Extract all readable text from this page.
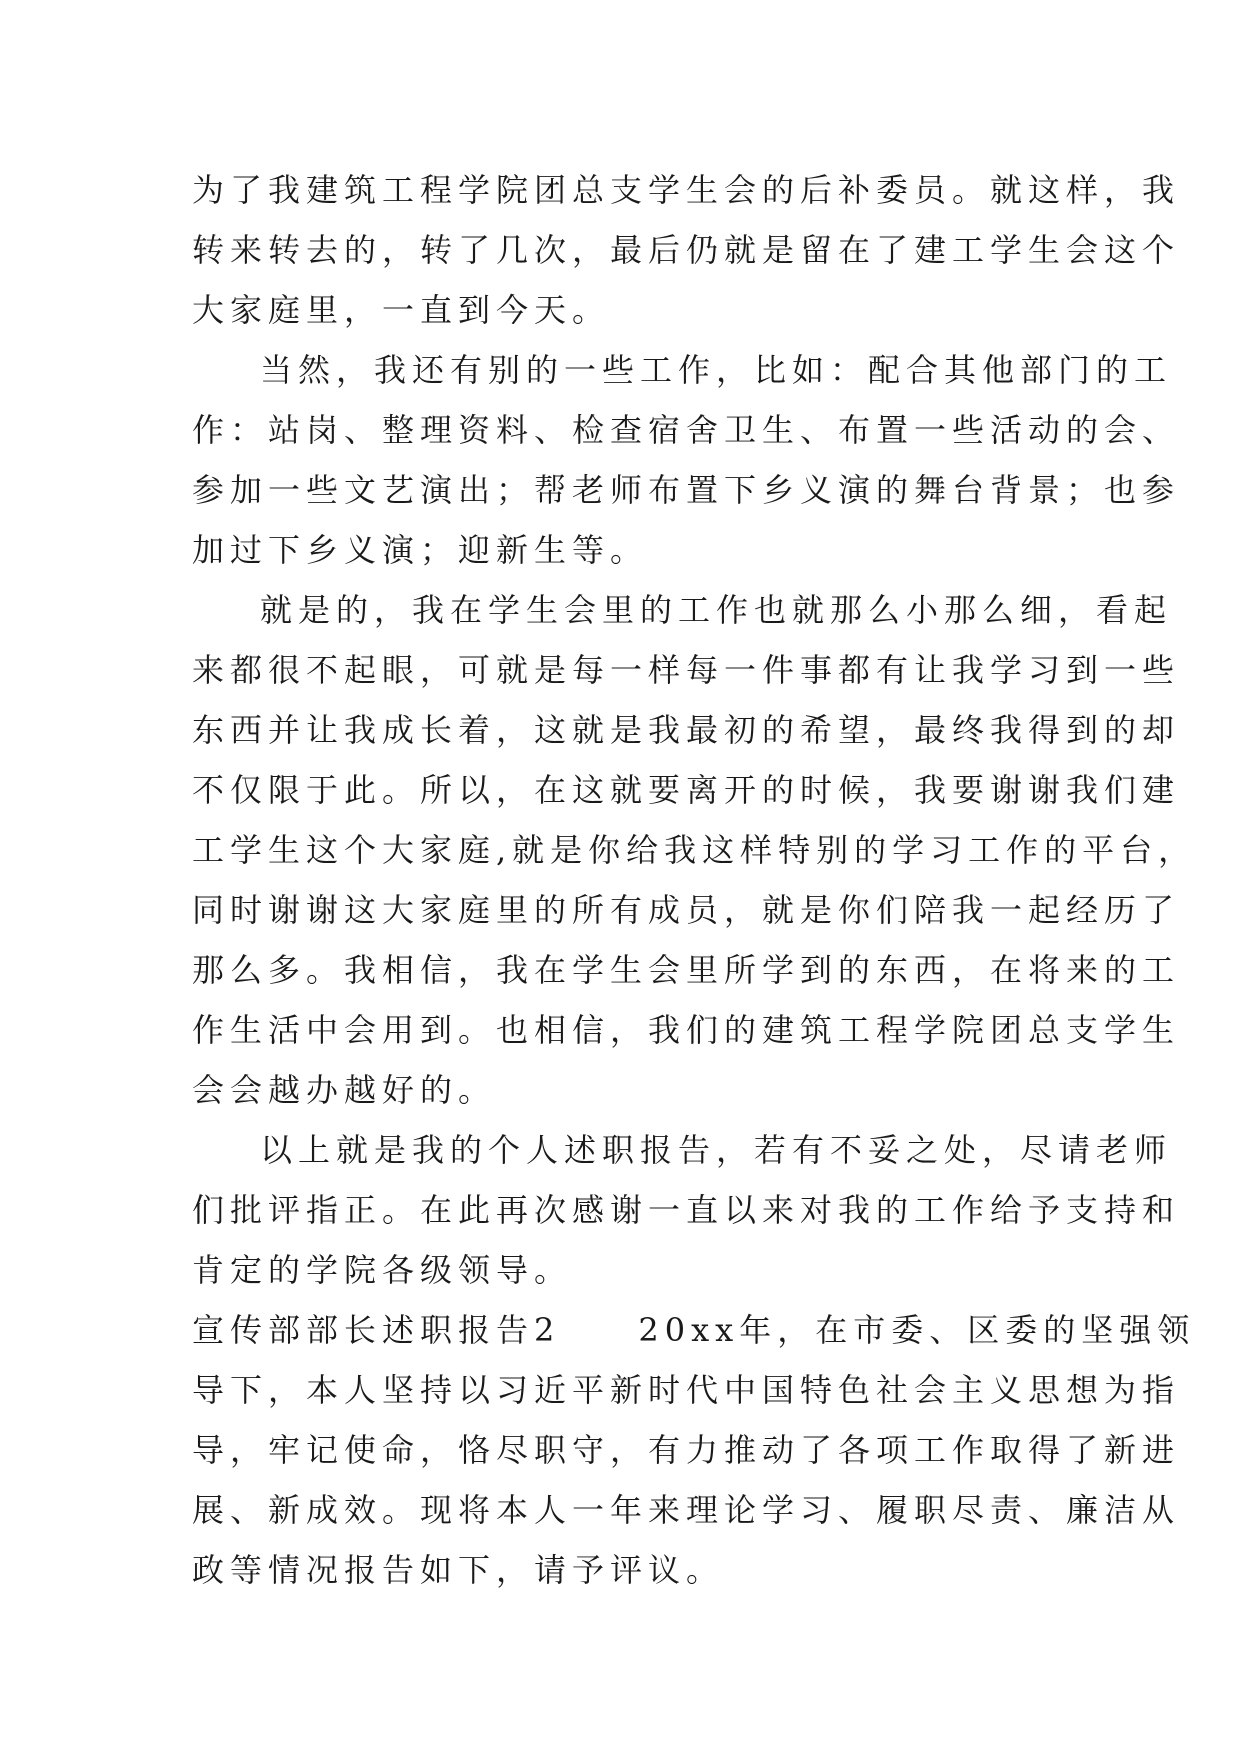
为了我建筑工程学院团总支学生会的后补委员。就这样，我
转来转去的，转了几次，最后仍就是留在了建工学生会这个
大家庭里，一直到今天。
当然，我还有别的一些工作，比如：配合其他部门的工
作：站岗、整理资料、检查宿舍卫生、布置一些活动的会、
参加一些文艺演出；帮老师布置下乡义演的舞台背景；也参
加过下乡义演；迎新生等。
就是的，我在学生会里的工作也就那么小那么细，看起
来都很不起眼，可就是每一样每一件事都有让我学习到一些
东西并让我成长着，这就是我最初的希望，最终我得到的却
不仅限于此。所以，在这就要离开的时候，我要谢谢我们建
工学生这个大家庭,就是你给我这样特别的学习工作的平台，
同时谢谢这大家庭里的所有成员，就是你们陪我一起经历了
那么多。我相信，我在学生会里所学到的东西，在将来的工
作生活中会用到。也相信，我们的建筑工程学院团总支学生
会会越办越好的。
以上就是我的个人述职报告，若有不妥之处，尽请老师
们批评指正。在此再次感谢一直以来对我的工作给予支持和
肯定的学院各级领导。
宣传部部长述职报告2 20xx年，在市委、区委的坚强领
导下，本人坚持以习近平新时代中国特色社会主义思想为指
导，牢记使命，恪尽职守，有力推动了各项工作取得了新进
展、新成效。现将本人一年来理论学习、履职尽责、廉洁从
政等情况报告如下，请予评议。
